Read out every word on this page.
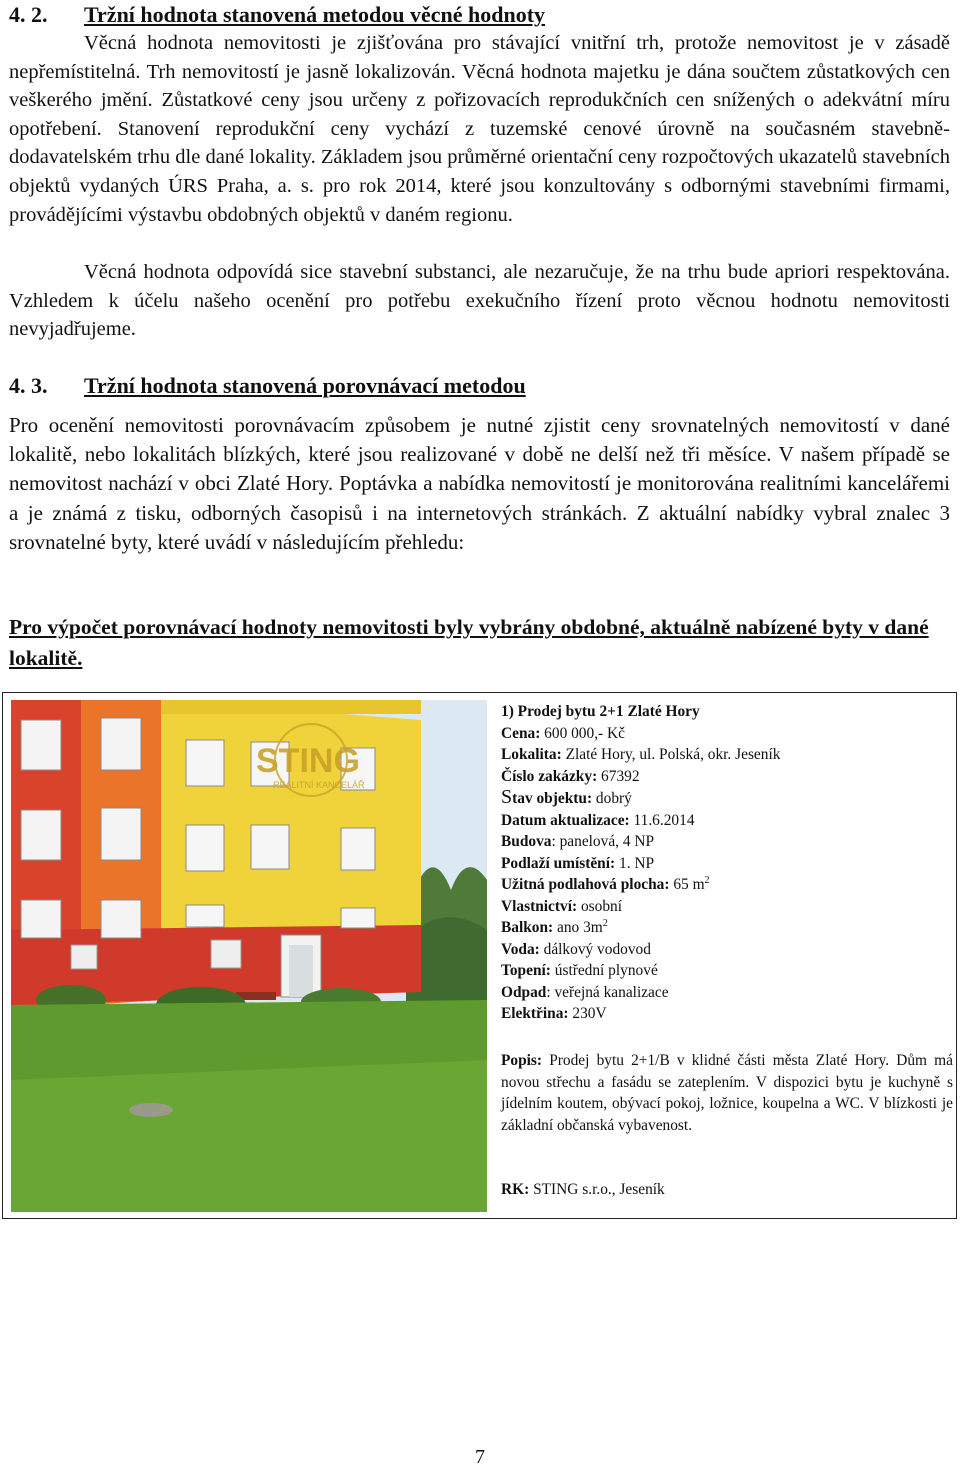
4. 2. Tržní hodnota stanovená metodou věcné hodnoty
Věcná hodnota nemovitosti je zjišťována pro stávající vnitřní trh, protože nemovitost je v zásadě nepřemístitelná. Trh nemovitostí je jasně lokalizován. Věcná hodnota majetku je dána součtem zůstatkových cen veškerého jmění. Zůstatkové ceny jsou určeny z pořizovacích reprodukčních cen snížených o adekvátní míru opotřebení. Stanovení reprodukční ceny vychází z tuzemské cenové úrovně na současném stavebně-dodavatelském trhu dle dané lokality. Základem jsou průměrné orientační ceny rozpočtových ukazatelů stavebních objektů vydaných ÚRS Praha, a. s. pro rok 2014, které jsou konzultovány s odbornými stavebními firmami, provádějícími výstavbu obdobných objektů v daném regionu.
Věcná hodnota odpovídá sice stavební substanci, ale nezaručuje, že na trhu bude apriori respektována. Vzhledem k účelu našeho ocenění pro potřebu exekučního řízení proto věcnou hodnotu nemovitosti nevyjadřujeme.
4. 3. Tržní hodnota stanovená porovnávací metodou
Pro ocenění nemovitosti porovnávacím způsobem je nutné zjistit ceny srovnatelných nemovitostí v dané lokalitě, nebo lokalitách blízkých, které jsou realizované v době ne delší než tři měsíce. V našem případě se nemovitost nachází v obci Zlaté Hory. Poptávka a nabídka nemovitostí je monitorována realitními kancelářemi a je známá z tisku, odborných časopisů i na internetových stránkách. Z aktuální nabídky vybral znalec 3 srovnatelné byty, které uvádí v následujícím přehledu:
Pro výpočet porovnávací hodnoty nemovitosti byly vybrány obdobné, aktuálně nabízené byty v dané lokalitě.
STING
REALITNÍ KANCELÁŘ
1) Prodej bytu 2+1 Zlaté Hory
Cena: 600 000,- Kč
Lokalita: Zlaté Hory, ul. Polská, okr. Jeseník
Číslo zakázky: 67392
Stav objektu: dobrý
Datum aktualizace: 11.6.2014
Budova: panelová, 4 NP
Podlaží umístění: 1. NP
Užitná podlahová plocha: 65 $m^2$
Vlastnictví: osobní
Balkon: ano $3m^2$
Voda: dálkový vodovod
Topení: ústřední plynové
Odpad: veřejná kanalizace
Elektřina: 230V
Popis: Prodej bytu 2+1/B v klidné části města Zlaté Hory. Dům má novou střechu a fasádu se zateplením. V dispozici bytu je kuchyně s jídelním koutem, obývací pokoj, ložnice, koupelna a WC. V blízkosti je základní občanská vybavenost.
RK: STING s.r.o., Jeseník
7
